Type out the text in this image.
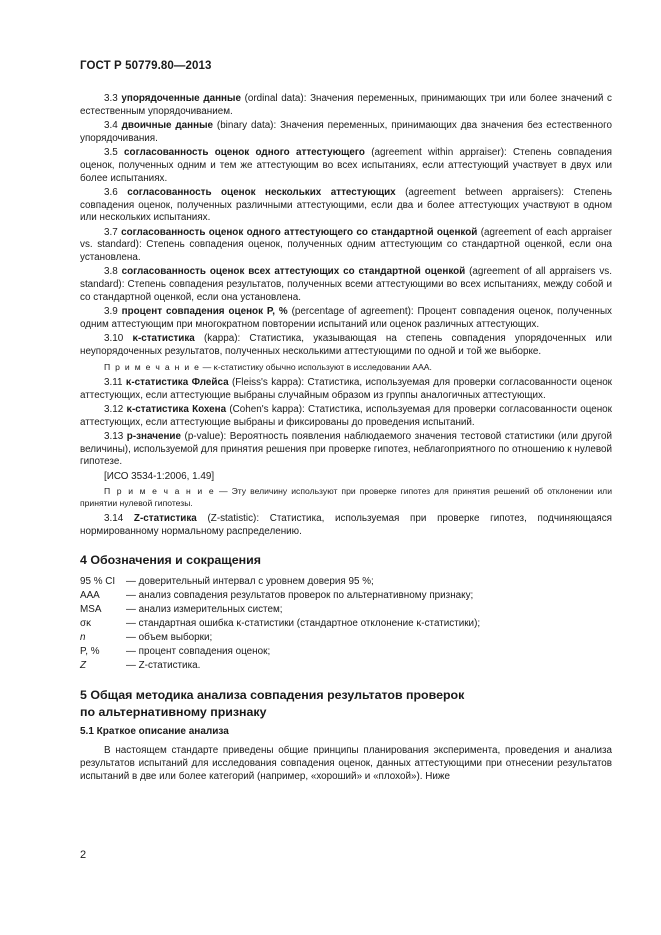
ГОСТ Р 50779.80—2013

3.3 упорядоченные данные (ordinal data): Значения переменных, принимающих три или более значений с естественным упорядочиванием.

3.4 двоичные данные (binary data): Значения переменных, принимающих два значения без естественного упорядочивания.

3.5 согласованность оценок одного аттестующего (agreement within appraiser): Степень совпадения оценок, полученных одним и тем же аттестующим во всех испытаниях, если аттестующий участвует в двух или более испытаниях.

3.6 согласованность оценок нескольких аттестующих (agreement between appraisers): Степень совпадения оценок, полученных различными аттестующими, если два и более аттестующих участвуют в одном или нескольких испытаниях.

3.7 согласованность оценок одного аттестующего со стандартной оценкой (agreement of each appraiser vs. standard): Степень совпадения оценок, полученных одним аттестующим со стандартной оценкой, если она установлена.

3.8 согласованность оценок всех аттестующих со стандартной оценкой (agreement of all appraisers vs. standard): Степень совпадения результатов, полученных всеми аттестующими во всех испытаниях, между собой и со стандартной оценкой, если она установлена.

3.9 процент совпадения оценок P, % (percentage of agreement): Процент совпадения оценок, полученных одним аттестующим при многократном повторении испытаний или оценок различных аттестующих.

3.10 κ-статистика (kappa): Статистика, указывающая на степень совпадения упорядоченных или неупорядоченных результатов, полученных несколькими аттестующими по одной и той же выборке.

П р и м е ч а н и е — κ-статистику обычно используют в исследовании ААА.

3.11 κ-статистика Флейса (Fleiss's kappa): Статистика, используемая для проверки согласованности оценок аттестующих, если аттестующие выбраны случайным образом из группы аналогичных аттестующих.

3.12 κ-статистика Кохена (Cohen's kappa): Статистика, используемая для проверки согласованности оценок аттестующих, если аттестующие выбраны и фиксированы до проведения испытаний.

3.13 p-значение (p-value): Вероятность появления наблюдаемого значения тестовой статистики (или другой величины), используемой для принятия решения при проверке гипотез, неблагоприятного по отношению к нулевой гипотезе.

[ИСО 3534-1:2006, 1.49]

П р и м е ч а н и е — Эту величину используют при проверке гипотез для принятия решений об отклонении или принятии нулевой гипотезы.

3.14 Z-статистика (Z-statistic): Статистика, используемая при проверке гипотез, подчиняющаяся нормированному нормальному распределению.

4 Обозначения и сокращения
95 % CI	— доверительный интервал с уровнем доверия 95 %;
ААА	— анализ совпадения результатов проверок по альтернативному признаку;
MSA	— анализ измерительных систем;
σκ	— стандартная ошибка κ-статистики (стандартное отклонение κ-статистики);
n	— объем выборки;
P, %	— процент совпадения оценок;
Z	— Z-статистика.
5 Общая методика анализа совпадения результатов проверок
по альтернативному признаку
5.1 Краткое описание анализа

В настоящем стандарте приведены общие принципы планирования эксперимента, проведения и анализа результатов испытаний для исследования совпадения оценок, данных аттестующими при отнесении результатов испытаний в две или более категорий (например, «хороший» и «плохой»). Ниже

2
